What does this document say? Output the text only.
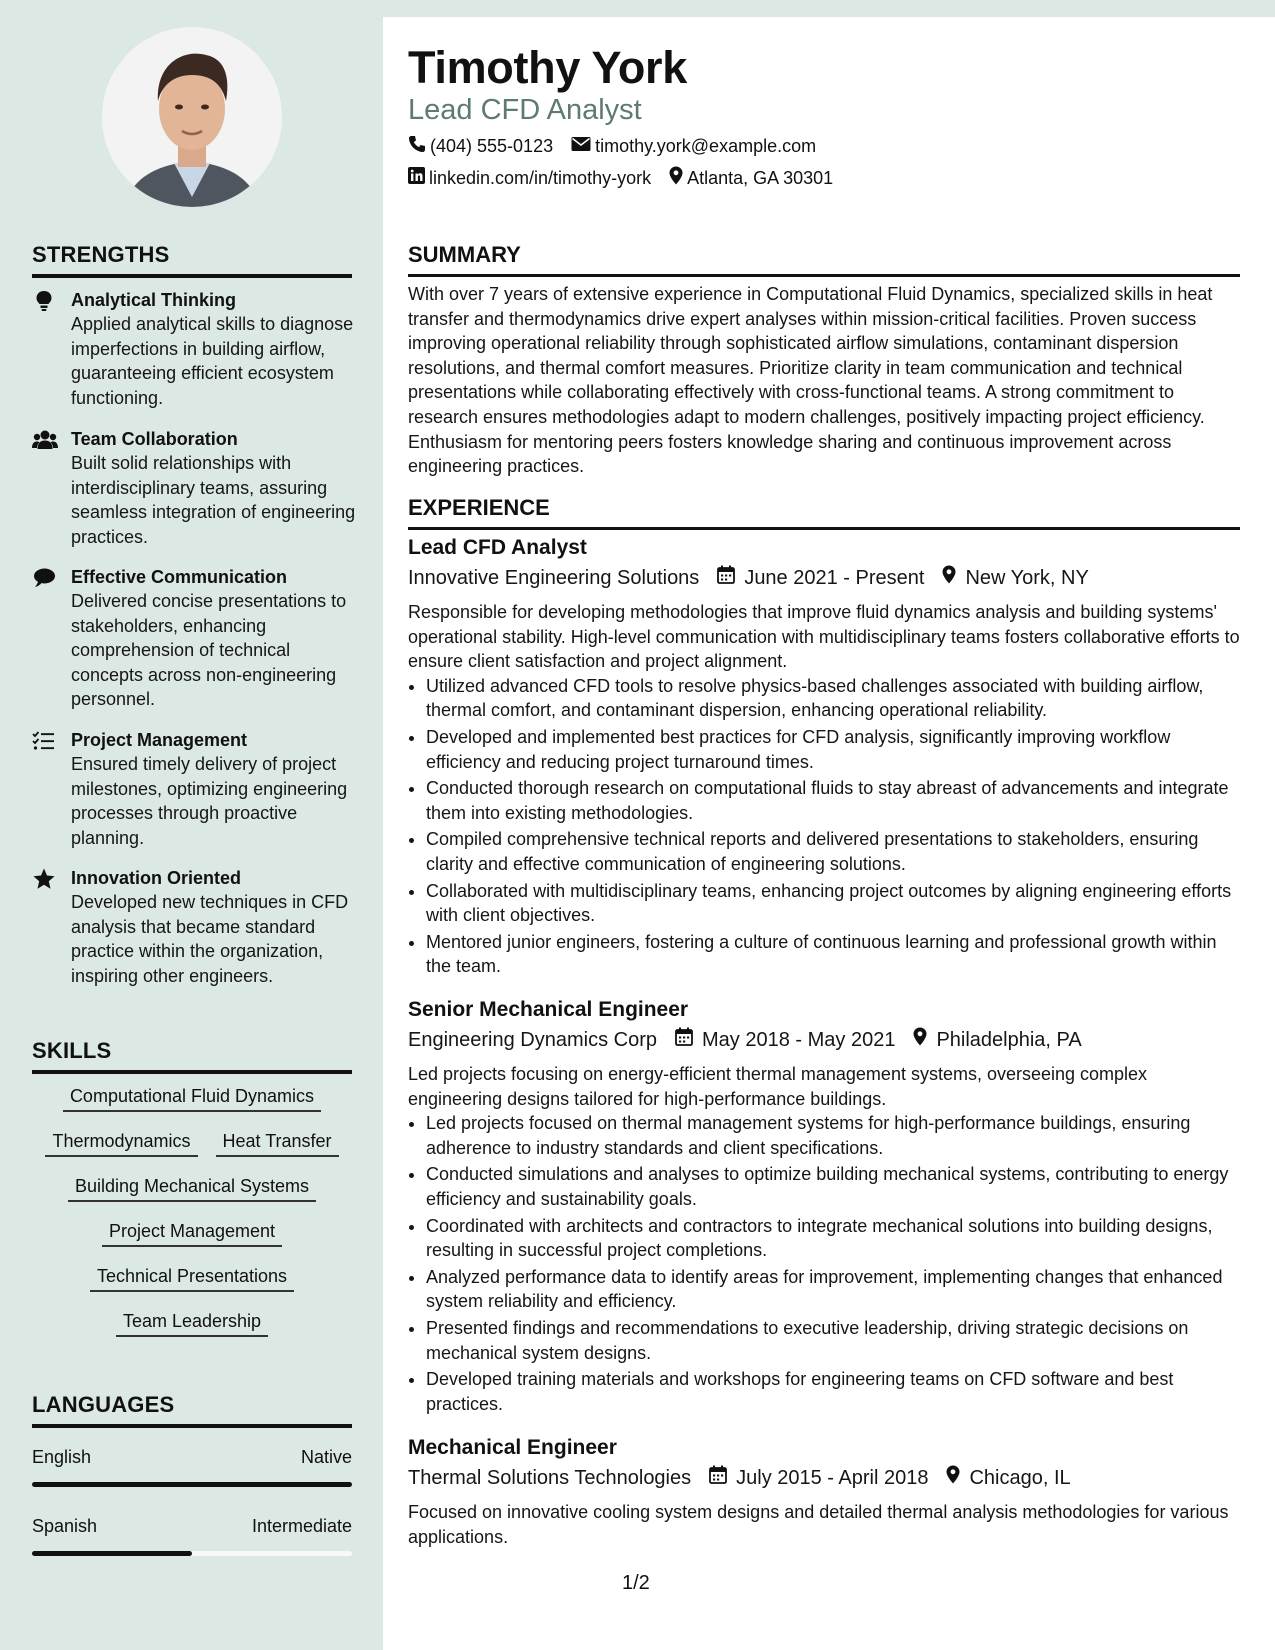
STRENGTHS
Analytical Thinking
Applied analytical skills to diagnose imperfections in building airflow, guaranteeing efficient ecosystem functioning.
Team Collaboration
Built solid relationships with interdisciplinary teams, assuring seamless integration of engineering practices.
Effective Communication
Delivered concise presentations to stakeholders, enhancing comprehension of technical concepts across non-engineering personnel.
Project Management
Ensured timely delivery of project milestones, optimizing engineering processes through proactive planning.
Innovation Oriented
Developed new techniques in CFD analysis that became standard practice within the organization, inspiring other engineers.
SKILLS
Computational Fluid Dynamics
Thermodynamics	Heat Transfer
Building Mechanical Systems
Project Management
Technical Presentations
Team Leadership
LANGUAGES
English	Native
Spanish	Intermediate
Timothy York
Lead CFD Analyst
(404) 555-0123 timothy.york@example.com
linkedin.com/in/timothy-york Atlanta, GA 30301
SUMMARY
With over 7 years of extensive experience in Computational Fluid Dynamics, specialized skills in heat transfer and thermodynamics drive expert analyses within mission-critical facilities. Proven success improving operational reliability through sophisticated airflow simulations, contaminant dispersion resolutions, and thermal comfort measures. Prioritize clarity in team communication and technical presentations while collaborating effectively with cross-functional teams. A strong commitment to research ensures methodologies adapt to modern challenges, positively impacting project efficiency. Enthusiasm for mentoring peers fosters knowledge sharing and continuous improvement across engineering practices.
EXPERIENCE
Lead CFD Analyst
Innovative Engineering Solutions June 2021 - Present New York, NY
Responsible for developing methodologies that improve fluid dynamics analysis and building systems' operational stability. High-level communication with multidisciplinary teams fosters collaborative efforts to ensure client satisfaction and project alignment.
• Utilized advanced CFD tools to resolve physics-based challenges associated with building airflow, thermal comfort, and contaminant dispersion, enhancing operational reliability.
• Developed and implemented best practices for CFD analysis, significantly improving workflow efficiency and reducing project turnaround times.
• Conducted thorough research on computational fluids to stay abreast of advancements and integrate them into existing methodologies.
• Compiled comprehensive technical reports and delivered presentations to stakeholders, ensuring clarity and effective communication of engineering solutions.
• Collaborated with multidisciplinary teams, enhancing project outcomes by aligning engineering efforts with client objectives.
• Mentored junior engineers, fostering a culture of continuous learning and professional growth within the team.
Senior Mechanical Engineer
Engineering Dynamics Corp May 2018 - May 2021 Philadelphia, PA
Led projects focusing on energy-efficient thermal management systems, overseeing complex engineering designs tailored for high-performance buildings.
• Led projects focused on thermal management systems for high-performance buildings, ensuring adherence to industry standards and client specifications.
• Conducted simulations and analyses to optimize building mechanical systems, contributing to energy efficiency and sustainability goals.
• Coordinated with architects and contractors to integrate mechanical solutions into building designs, resulting in successful project completions.
• Analyzed performance data to identify areas for improvement, implementing changes that enhanced system reliability and efficiency.
• Presented findings and recommendations to executive leadership, driving strategic decisions on mechanical system designs.
• Developed training materials and workshops for engineering teams on CFD software and best practices.
Mechanical Engineer
Thermal Solutions Technologies July 2015 - April 2018 Chicago, IL
Focused on innovative cooling system designs and detailed thermal analysis methodologies for various applications.
1/2
